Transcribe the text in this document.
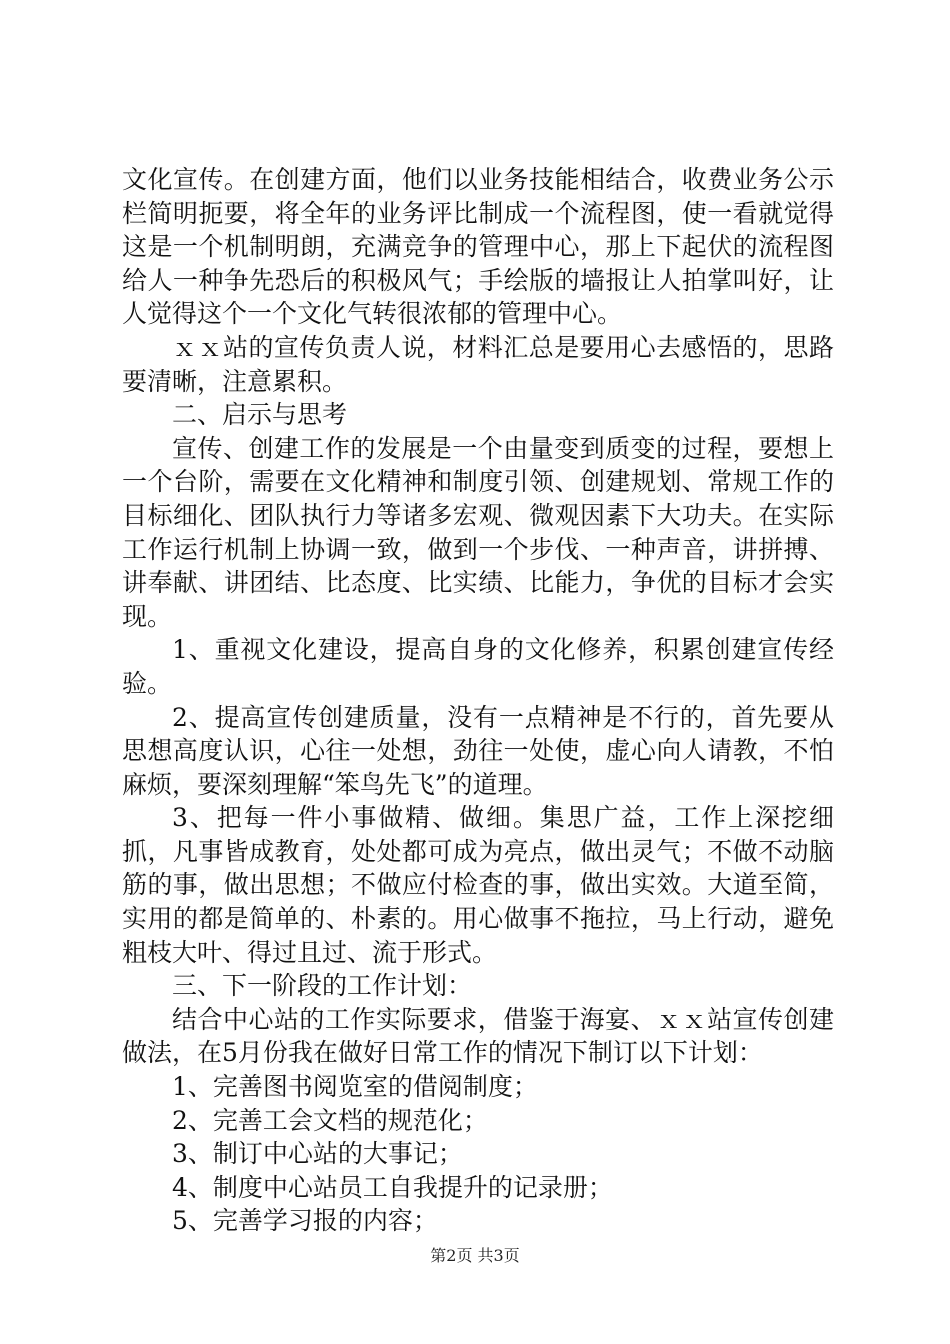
文化宣传。在创建方面，他们以业务技能相结合，收费业务公示栏简明扼要，将全年的业务评比制成一个流程图，使一看就觉得这是一个机制明朗，充满竞争的管理中心，那上下起伏的流程图给人一种争先恐后的积极风气；手绘版的墙报让人拍掌叫好，让人觉得这个一个文化气转很浓郁的管理中心。

ｘｘ站的宣传负责人说，材料汇总是要用心去感悟的，思路要清晰，注意累积。

二、启示与思考

宣传、创建工作的发展是一个由量变到质变的过程，要想上一个台阶，需要在文化精神和制度引领、创建规划、常规工作的目标细化、团队执行力等诸多宏观、微观因素下大功夫。在实际工作运行机制上协调一致，做到一个步伐、一种声音，讲拼搏、讲奉献、讲团结、比态度、比实绩、比能力，争优的目标才会实现。

1、重视文化建设，提高自身的文化修养，积累创建宣传经验。

2、提高宣传创建质量，没有一点精神是不行的，首先要从思想高度认识，心往一处想，劲往一处使，虚心向人请教，不怕麻烦，要深刻理解“笨鸟先飞”的道理。

3、把每一件小事做精、做细。集思广益，工作上深挖细抓，凡事皆成教育，处处都可成为亮点，做出灵气；不做不动脑筋的事，做出思想；不做应付检查的事，做出实效。大道至简，实用的都是简单的、朴素的。用心做事不拖拉，马上行动，避免粗枝大叶、得过且过、流于形式。

三、下一阶段的工作计划：

结合中心站的工作实际要求，借鉴于海宴、ｘｘ站宣传创建做法，在5月份我在做好日常工作的情况下制订以下计划：

1、完善图书阅览室的借阅制度；

2、完善工会文档的规范化；

3、制订中心站的大事记；

4、制度中心站员工自我提升的记录册；

5、完善学习报的内容；

第2页 共3页
